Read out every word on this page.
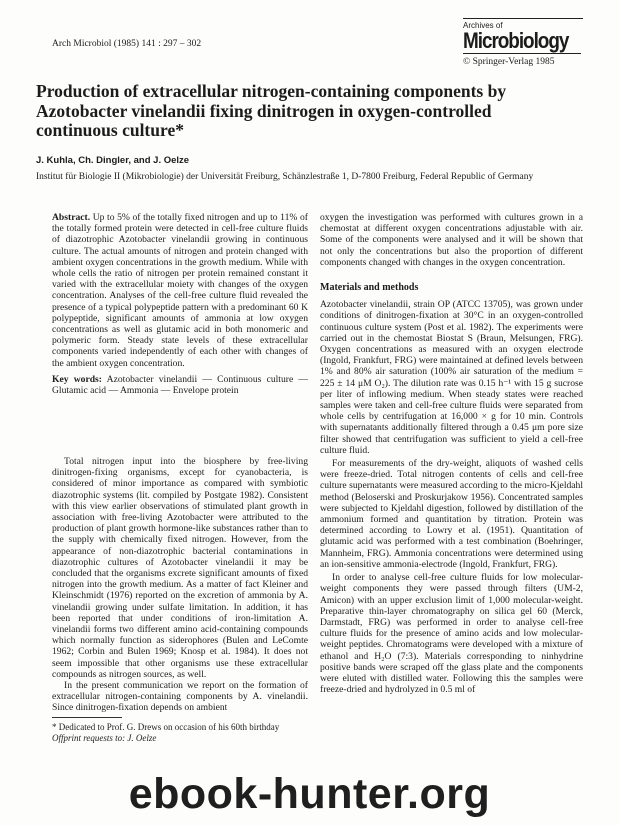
Arch Microbiol (1985) 141 : 297 – 302
Archives of
Microbiology
© Springer-Verlag 1985
Production of extracellular nitrogen-containing components by Azotobacter vinelandii fixing dinitrogen in oxygen-controlled continuous culture*
J. Kuhla, Ch. Dingler, and J. Oelze
Institut für Biologie II (Mikrobiologie) der Universität Freiburg, Schänzlestraße 1, D-7800 Freiburg, Federal Republic of Germany

Abstract. Up to 5% of the totally fixed nitrogen and up to 11% of the totally formed protein were detected in cell-free culture fluids of diazotrophic Azotobacter vinelandii growing in continuous culture. The actual amounts of nitrogen and protein changed with ambient oxygen concentrations in the growth medium. While with whole cells the ratio of nitrogen per protein remained constant it varied with the extracellular moiety with changes of the oxygen concentration. Analyses of the cell-free culture fluid revealed the presence of a typical polypeptide pattern with a predominant 60 K polypeptide, significant amounts of ammonia at low oxygen concentrations as well as glutamic acid in both monomeric and polymeric form. Steady state levels of these extracellular components varied independently of each other with changes of the ambient oxygen concentration.

Key words: Azotobacter vinelandii — Continuous culture — Glutamic acid — Ammonia — Envelope protein

Total nitrogen input into the biosphere by free-living dinitrogen-fixing organisms, except for cyanobacteria, is considered of minor importance as compared with symbiotic diazotrophic systems (lit. compiled by Postgate 1982). Consistent with this view earlier observations of stimulated plant growth in association with free-living Azotobacter were attributed to the production of plant growth hormone-like substances rather than to the supply with chemically fixed nitrogen. However, from the appearance of non-diazotrophic bacterial contaminations in diazotrophic cultures of Azotobacter vinelandii it may be concluded that the organisms excrete significant amounts of fixed nitrogen into the growth medium. As a matter of fact Kleiner and Kleinschmidt (1976) reported on the excretion of ammonia by A. vinelandii growing under sulfate limitation. In addition, it has been reported that under conditions of iron-limitation A. vinelandii forms two different amino acid-containing compounds which normally function as siderophores (Bulen and LeComte 1962; Corbin and Bulen 1969; Knosp et al. 1984). It does not seem impossible that other organisms use these extracellular compounds as nitrogen sources, as well.

In the present communication we report on the formation of extracellular nitrogen-containing components by A. vinelandii. Since dinitrogen-fixation depends on ambient

* Dedicated to Prof. G. Drews on occasion of his 60th birthday
Offprint requests to: J. Oelze

oxygen the investigation was performed with cultures grown in a chemostat at different oxygen concentrations adjustable with air. Some of the components were analysed and it will be shown that not only the concentrations but also the proportion of different components changed with changes in the oxygen concentration.

Materials and methods

Azotobacter vinelandii, strain OP (ATCC 13705), was grown under conditions of dinitrogen-fixation at 30°C in an oxygen-controlled continuous culture system (Post et al. 1982). The experiments were carried out in the chemostat Biostat S (Braun, Melsungen, FRG). Oxygen concentrations as measured with an oxygen electrode (Ingold, Frankfurt, FRG) were maintained at defined levels between 1% and 80% air saturation (100% air saturation of the medium = 225 ± 14 μM O₂). The dilution rate was 0.15 h⁻¹ with 15 g sucrose per liter of inflowing medium. When steady states were reached samples were taken and cell-free culture fluids were separated from whole cells by centrifugation at 16,000 × g for 10 min. Controls with supernatants additionally filtered through a 0.45 μm pore size filter showed that centrifugation was sufficient to yield a cell-free culture fluid.

For measurements of the dry-weight, aliquots of washed cells were freeze-dried. Total nitrogen contents of cells and cell-free culture supernatants were measured according to the micro-Kjeldahl method (Beloserski and Proskurjakow 1956). Concentrated samples were subjected to Kjeldahl digestion, followed by distillation of the ammonium formed and quantitation by titration. Protein was determined according to Lowry et al. (1951). Quantitation of glutamic acid was performed with a test combination (Boehringer, Mannheim, FRG). Ammonia concentrations were determined using an ion-sensitive ammonia-electrode (Ingold, Frankfurt, FRG).

In order to analyse cell-free culture fluids for low molecular-weight components they were passed through filters (UM-2, Amicon) with an upper exclusion limit of 1,000 molecular-weight. Preparative thin-layer chromatography on silica gel 60 (Merck, Darmstadt, FRG) was performed in order to analyse cell-free culture fluids for the presence of amino acids and low molecular-weight peptides. Chromatograms were developed with a mixture of ethanol and H₂O (7:3). Materials corresponding to ninhydrine positive bands were scraped off the glass plate and the components were eluted with distilled water. Following this the samples were freeze-dried and hydrolyzed in 0.5 ml of

ebook-hunter.org
